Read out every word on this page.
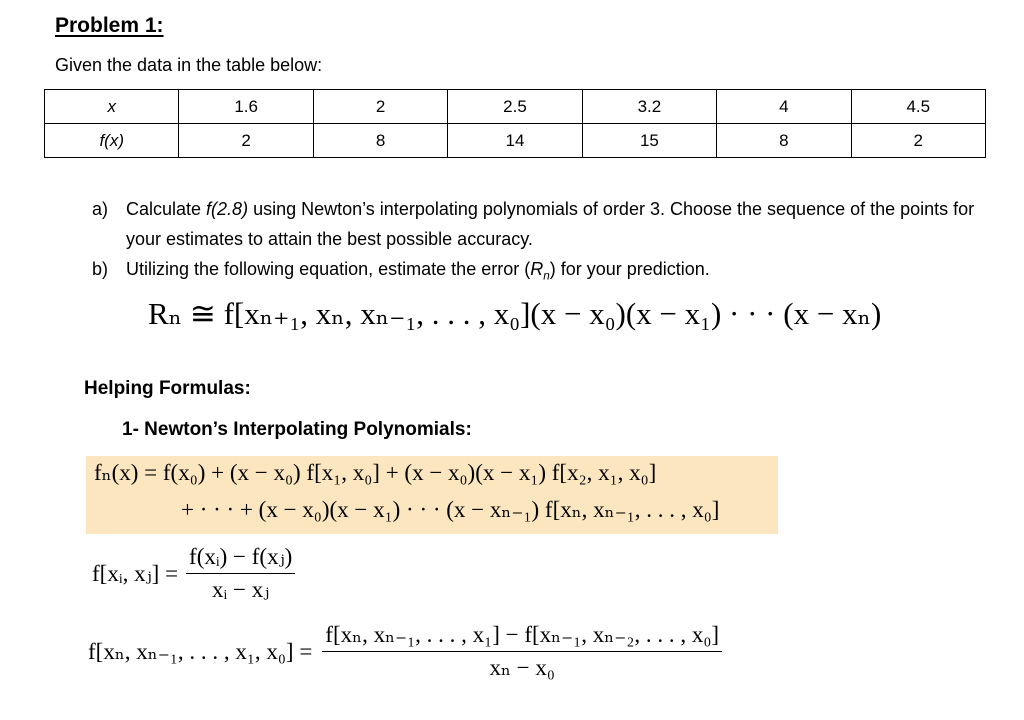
Problem 1:
Given the data in the table below:
x	1.6	2	2.5	3.2	4	4.5
f(x)	2	8	14	15	8	2
a) Calculate f(2.8) using Newton’s interpolating polynomials of order 3. Choose the sequence of the points for your estimates to attain the best possible accuracy.
b) Utilizing the following equation, estimate the error $(R_n)$ for your prediction.
Rₙ ≅ f[xₙ₊₁, xₙ, xₙ₋₁, . . . , x₀](x − x₀)(x − x₁) · · · (x − xₙ)
Helping Formulas:
1- Newton’s Interpolating Polynomials:
fₙ(x) = f(x₀) + (x − x₀) f[x₁, x₀] + (x − x₀)(x − x₁) f[x₂, x₁, x₀]
+ · · · + (x − x₀)(x − x₁) · · · (x − xₙ₋₁) f[xₙ, xₙ₋₁, . . . , x₀]
f[xᵢ, xⱼ] = $\frac{\text{f(xᵢ) − f(xⱼ)}}{\text{xᵢ − xⱼ}}$
f[xₙ, xₙ₋₁, . . . , x₁, $x_0] = \frac{\text{f[xₙ, xₙ₋₁, . . . , x₁] − f[xₙ₋₁, xₙ₋₂, . . . , x₀]}}{\text{xₙ − x₀}}$
